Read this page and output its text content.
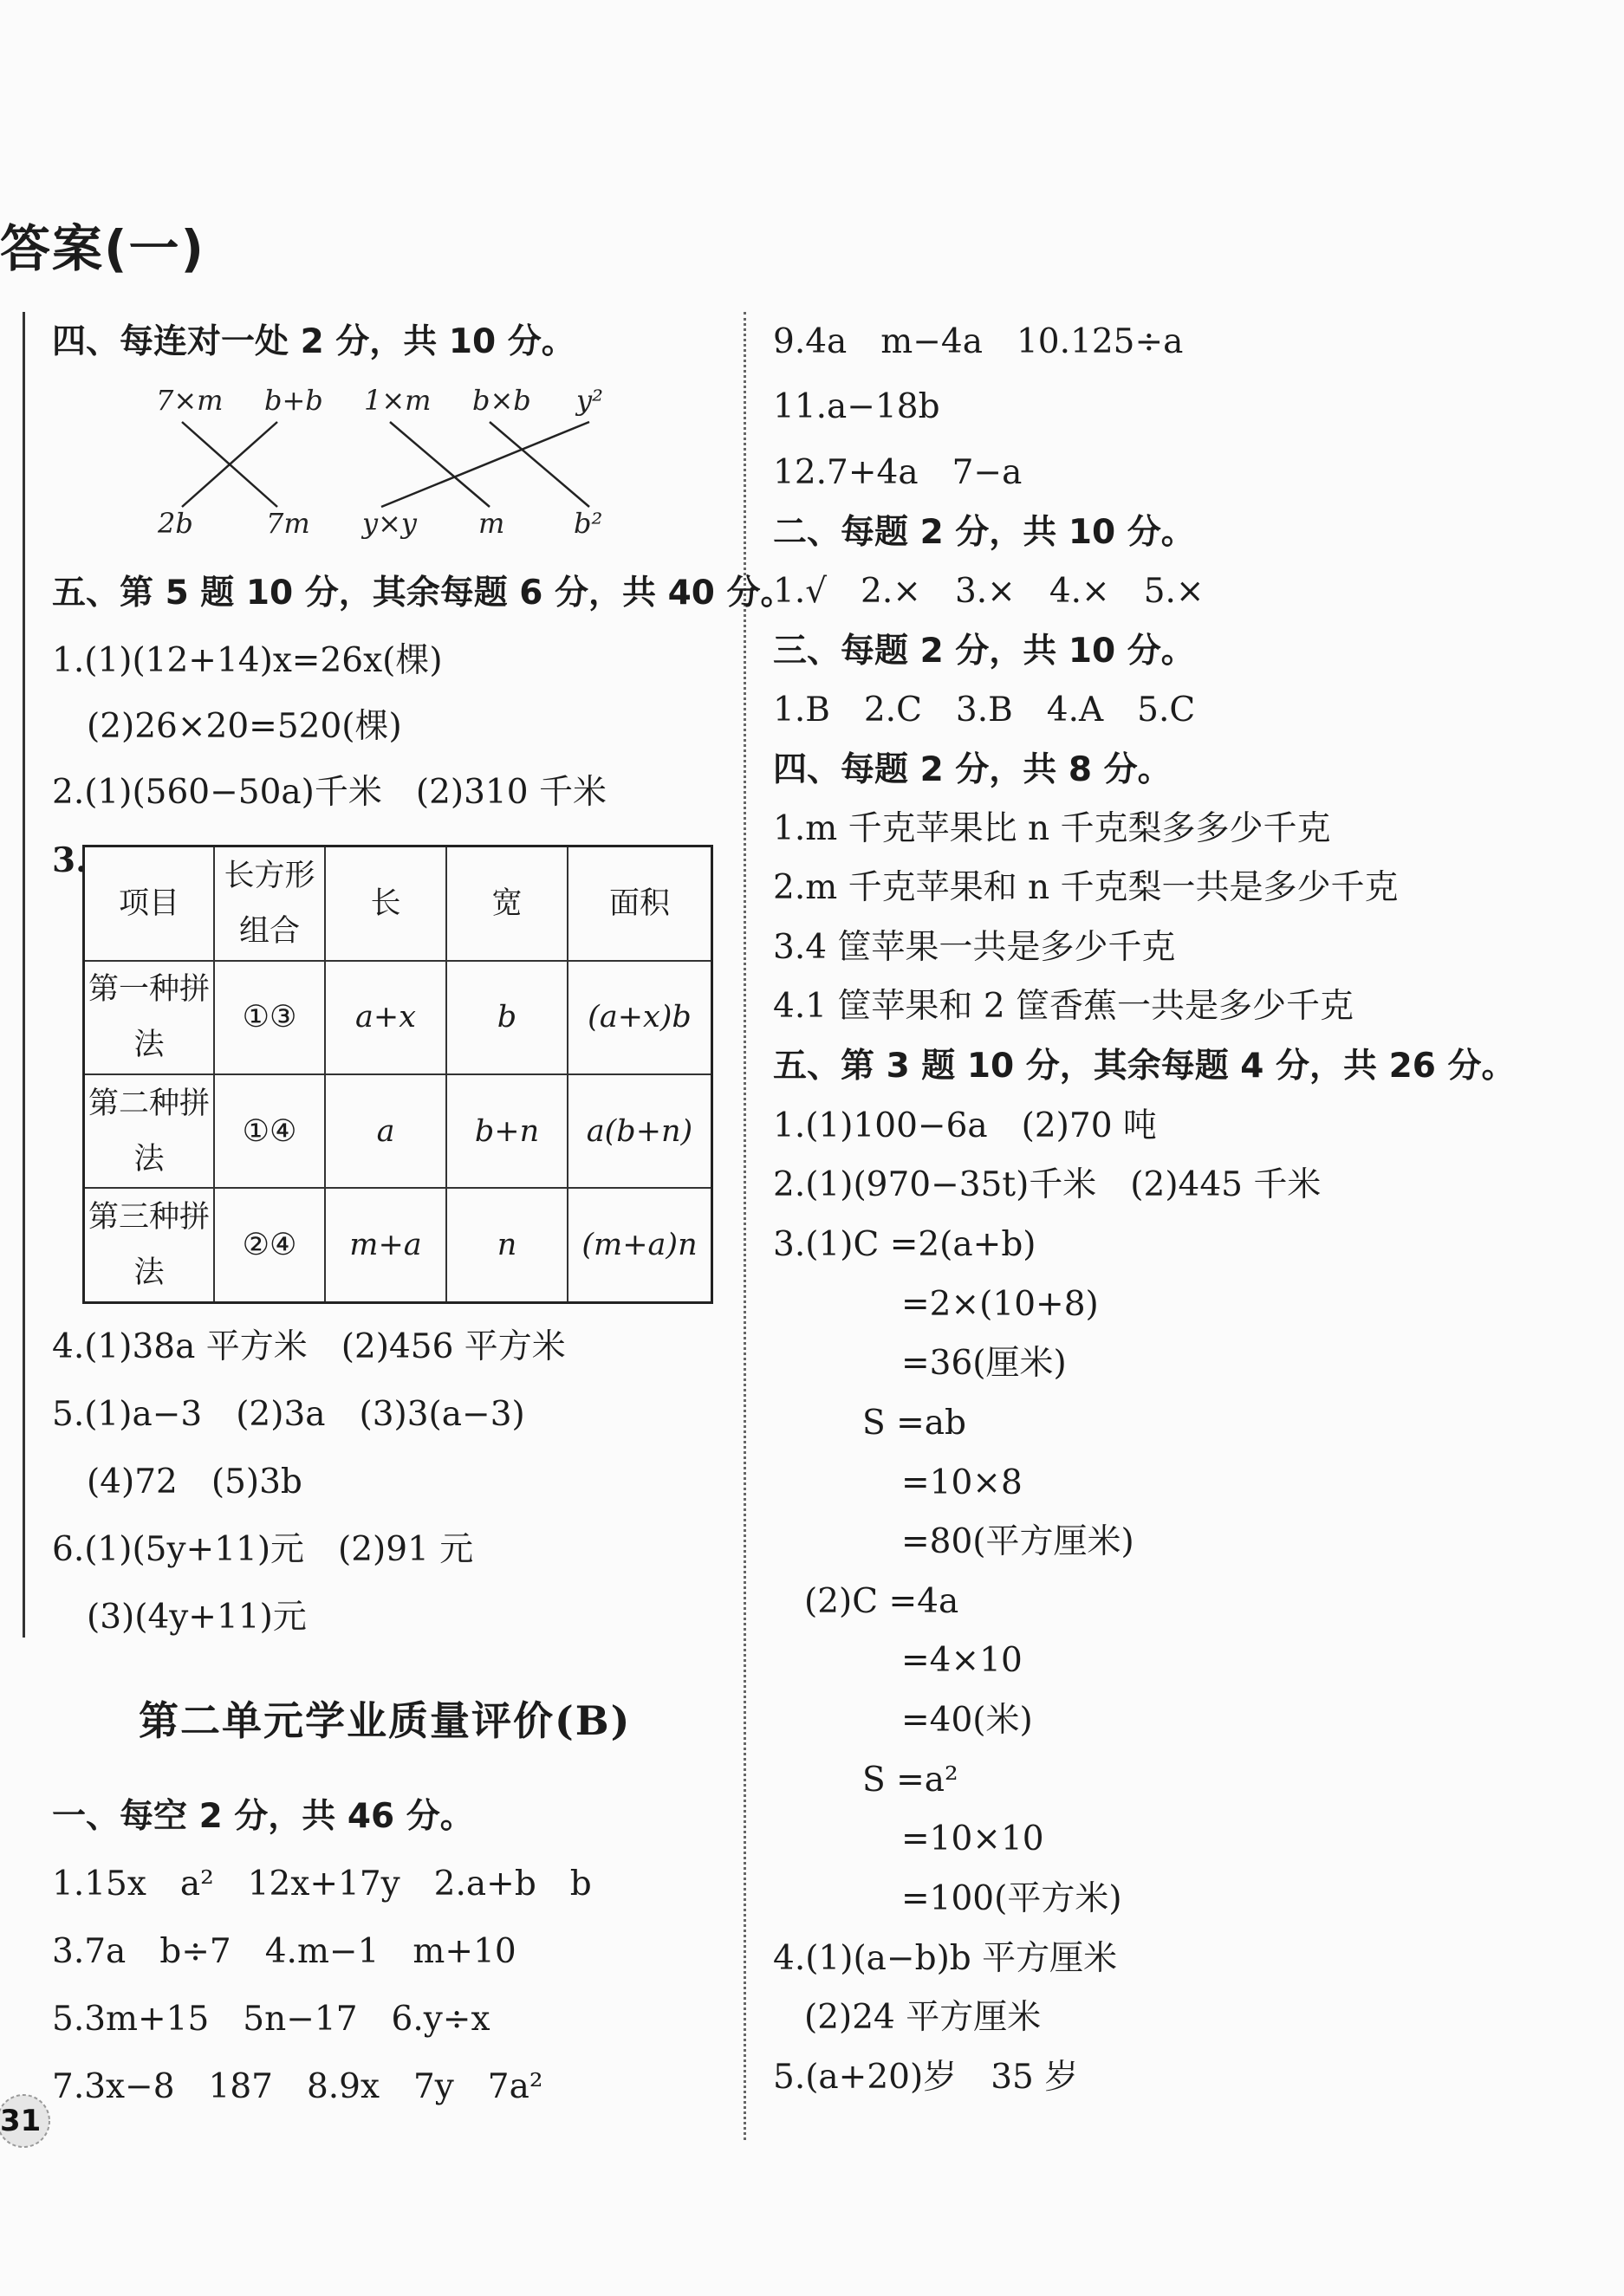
答案(一)
四、每连对一处 2 分，共 10 分。
7×m b+b 1×m b×b y²
2b	7m y×y m b²
五、第 5 题 10 分，其余每题 6 分，共 40 分。
1.(1)(12+14)x=26x(棵)
(2)26×20=520(棵)
2.(1)(560−50a)千米　(2)310 千米
3.
项目	长方形组合	长	宽	面积
第一种拼法	①③	a+x	b	(a+x)b
第二种拼法	①④	a	b+n	a(b+n)
第三种拼法	②④	m+a	n	(m+a)n
4.(1)38a 平方米　(2)456 平方米
5.(1)a−3　(2)3a　(3)3(a−3)
(4)72　(5)3b
6.(1)(5y+11)元　(2)91 元
(3)(4y+11)元
第二单元学业质量评价(B)
一、每空 2 分，共 46 分。
1.15x　a²　12x+17y　2.a+b　b
3.7a　b÷7　4.m−1　m+10
5.3m+15　5n−17　6.y÷x
7.3x−8　187　8.9x　7y　7a²
31
9.4a　m−4a　10.125÷a
11.a−18b
12.7+4a　7−a
二、每题 2 分，共 10 分。
1.√　2.×　3.×　4.×　5.×
三、每题 2 分，共 10 分。
1.B　2.C　3.B　4.A　5.C
四、每题 2 分，共 8 分。
1.m 千克苹果比 n 千克梨多多少千克
2.m 千克苹果和 n 千克梨一共是多少千克
3.4 筐苹果一共是多少千克
4.1 筐苹果和 2 筐香蕉一共是多少千克
五、第 3 题 10 分，其余每题 4 分，共 26 分。
1.(1)100−6a　(2)70 吨
2.(1)(970−35t)千米　(2)445 千米
3.(1)C =2(a+b)
=2×(10+8)
=36(厘米)
S =ab
=10×8
=80(平方厘米)
(2)C =4a
=4×10
=40(米)
S =a²
=10×10
=100(平方米)
4.(1)(a−b)b 平方厘米
(2)24 平方厘米
5.(a+20)岁　35 岁
